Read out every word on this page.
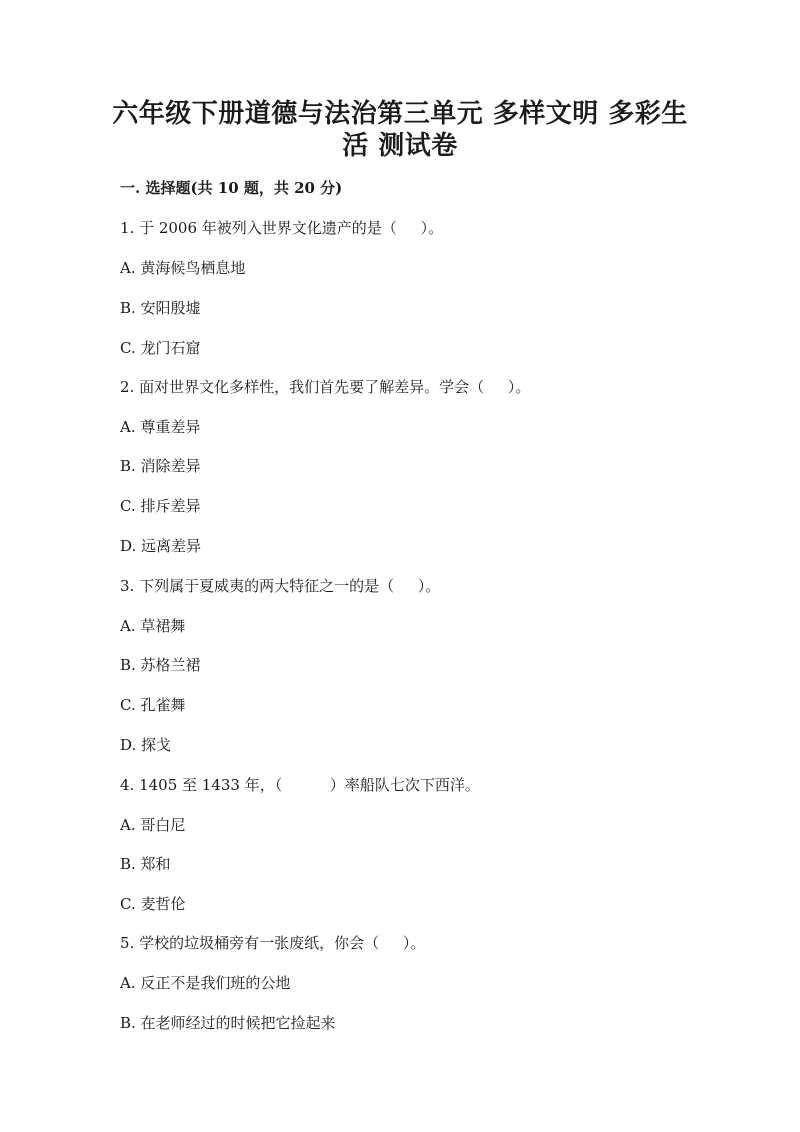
六年级下册道德与法治第三单元 多样文明 多彩生
活 测试卷
一. 选择题(共 10 题，共 20 分)
1. 于 2006 年被列入世界文化遗产的是（     ）。
A. 黄海候鸟栖息地
B. 安阳殷墟
C. 龙门石窟
2. 面对世界文化多样性，我们首先要了解差异。学会（     ）。
A. 尊重差异
B. 消除差异
C. 排斥差异
D. 远离差异
3. 下列属于夏威夷的两大特征之一的是（     ）。
A. 草裙舞
B. 苏格兰裙
C. 孔雀舞
D. 探戈
4. 1405 至 1433 年，（          ）率船队七次下西洋。
A. 哥白尼
B. 郑和
C. 麦哲伦
5. 学校的垃圾桶旁有一张废纸，你会（     ）。
A. 反正不是我们班的公地
B. 在老师经过的时候把它捡起来
